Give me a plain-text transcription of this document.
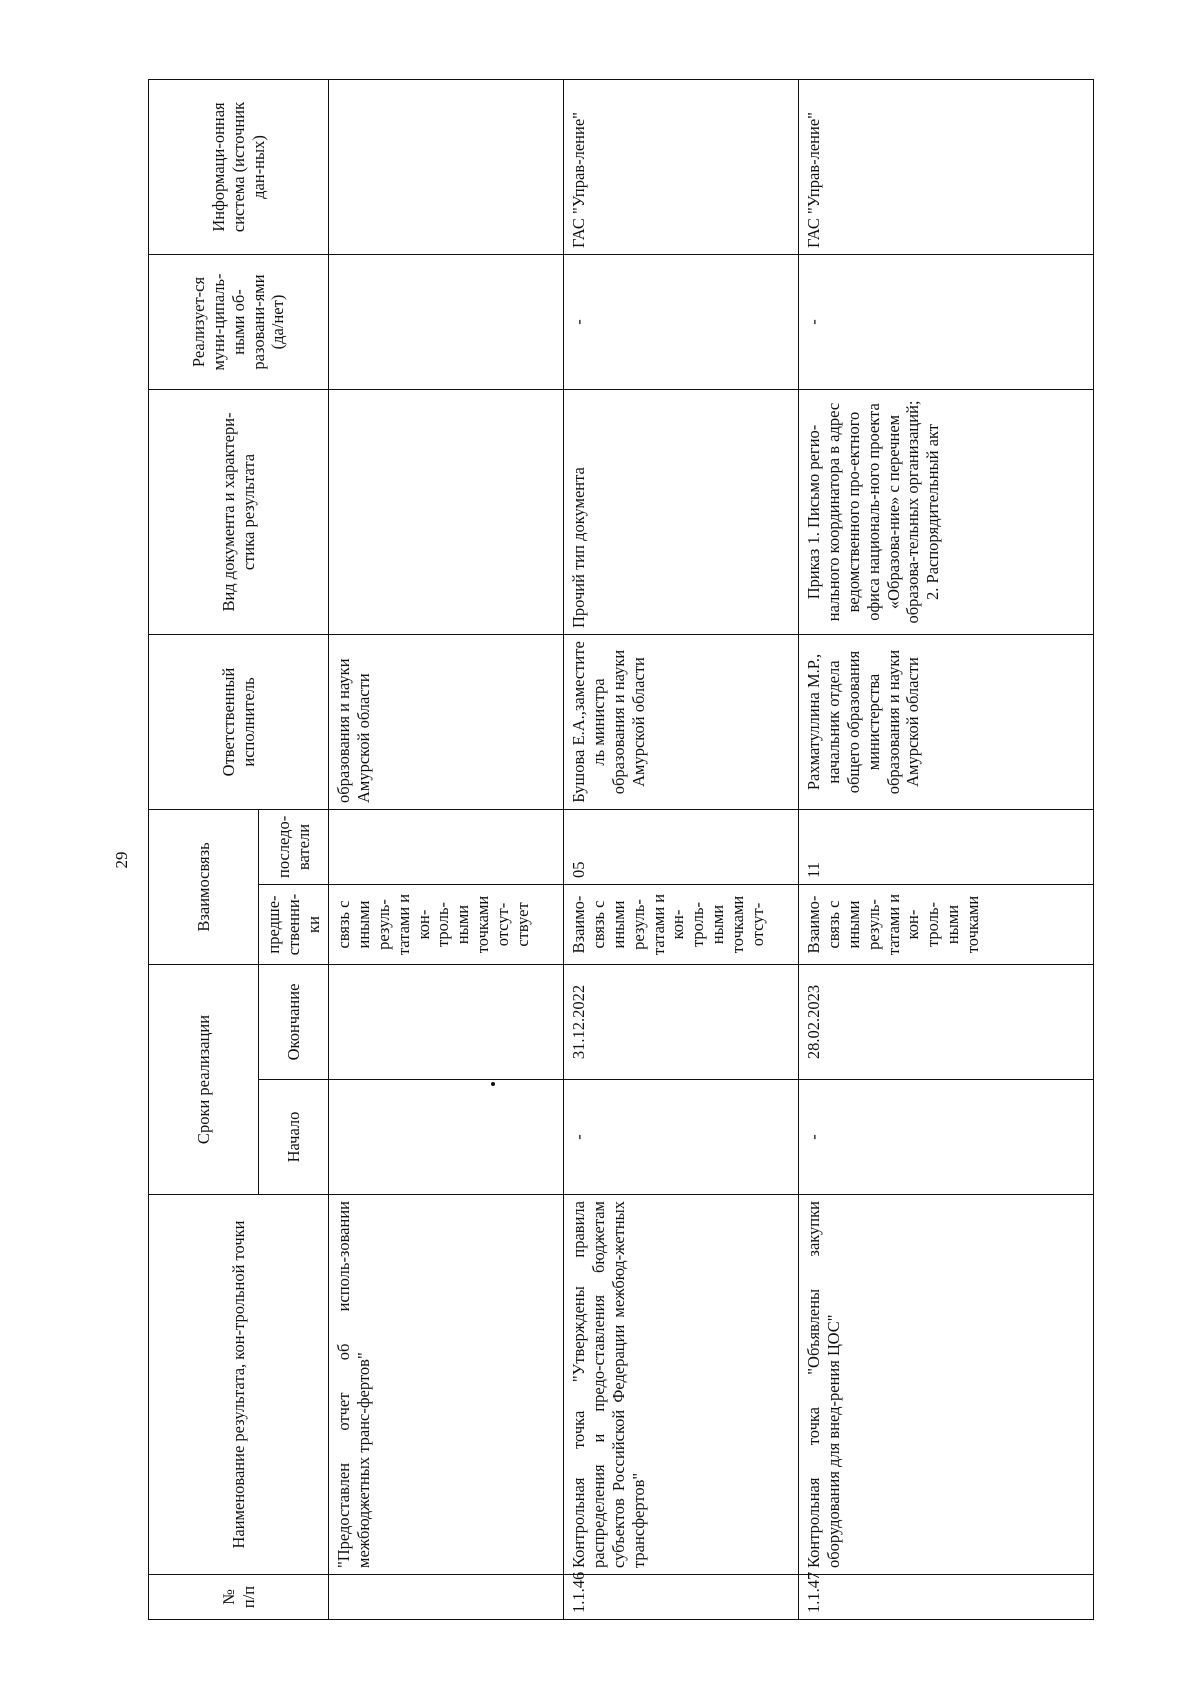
29
№ п/п	Наименование результата, кон-трольной точки	Сроки реализации		Взаимосвязь		Ответственный исполнитель	Вид документа и характери-стика результата	Реализует-ся муни-ципаль-ными об-разовани-ями (да/нет)	Информаци-онная система (источник дан-ных)
		Начало	Окончание	предше-ственни-ки	последо-ватели				
	"Предоставлен отчет об исполь-зовании межбюджетных транс-фертов"			связь с иными резуль-татами и кон-троль-ными точками отсут-ствует		образования и науки Амурской области			
1.1.46	Контрольная точка "Утверждены правила распределения и предо-ставления бюджетам субъектов Российской Федерации межбюд-жетных трансфертов"	-	31.12.2022	Взаимо-связь с иными резуль-татами и кон-троль-ными точками отсут-	05	Бушова Е.А.,заместите ль министра образования и науки Амурской области	Прочий тип документа	-	ГАС "Управ-ление"
1.1.47	Контрольная точка "Объявлены закупки оборудования для внед-рения ЦОС"	-	28.02.2023	Взаимо-связь с иными резуль-татами и кон-троль-ными точками	11	Рахматуллина М.Р., начальник отдела общего образования министерства образования и науки Амурской области	Приказ 1. Письмо регио-нального координатора в адрес ведомственного про-ектного офиса националь-ного проекта «Образова-ние» с перечнем образова-тельных организаций; 2. Распорядительный акт	-	ГАС "Управ-ление"
